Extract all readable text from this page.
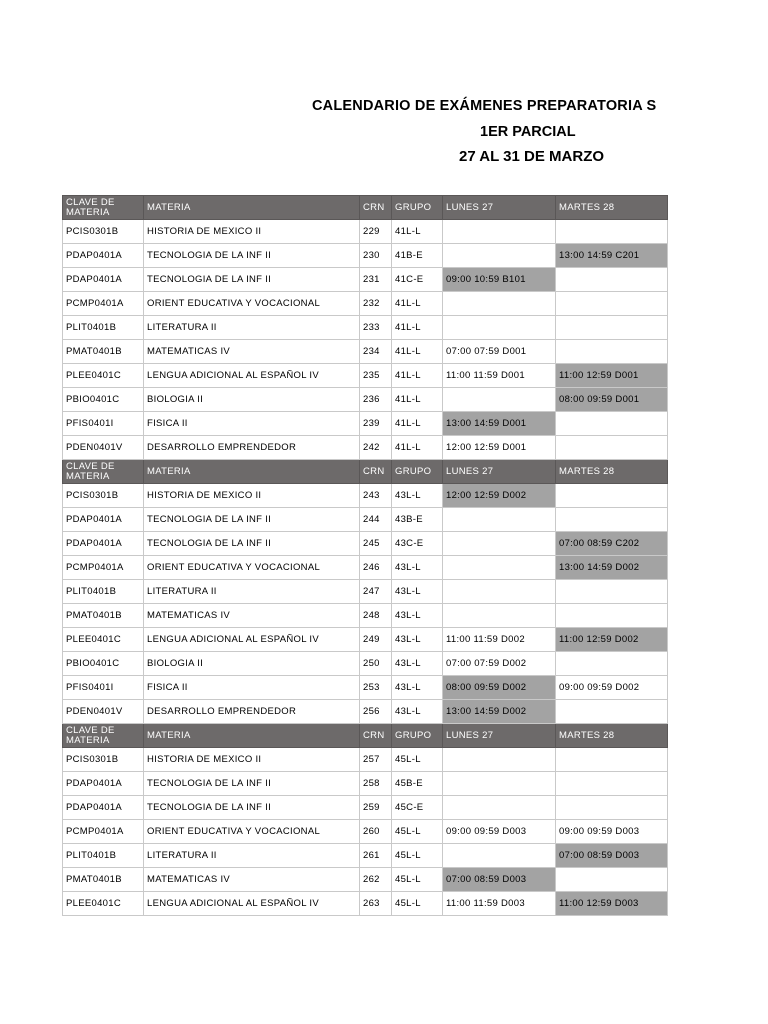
CALENDARIO DE EXÁMENES PREPARATORIA S
1ER PARCIAL
27 AL 31 DE MARZO
CLAVE DE MATERIA	MATERIA	CRN	GRUPO	LUNES 27	MARTES 28
PCIS0301B	HISTORIA DE MEXICO II	229	41L-L		
PDAP0401A	TECNOLOGIA DE LA INF II	230	41B-E		13:00 14:59 C201
PDAP0401A	TECNOLOGIA DE LA INF II	231	41C-E	09:00 10:59 B101	
PCMP0401A	ORIENT EDUCATIVA Y VOCACIONAL	232	41L-L		
PLIT0401B	LITERATURA II	233	41L-L		
PMAT0401B	MATEMATICAS IV	234	41L-L	07:00 07:59 D001	
PLEE0401C	LENGUA ADICIONAL AL ESPAÑOL IV	235	41L-L	11:00 11:59 D001	11:00 12:59 D001
PBIO0401C	BIOLOGIA II	236	41L-L		08:00 09:59 D001
PFIS0401I	FISICA II	239	41L-L	13:00 14:59 D001	
PDEN0401V	DESARROLLO EMPRENDEDOR	242	41L-L	12:00 12:59 D001	
CLAVE DE MATERIA	MATERIA	CRN	GRUPO	LUNES 27	MARTES 28
PCIS0301B	HISTORIA DE MEXICO II	243	43L-L	12:00 12:59 D002	
PDAP0401A	TECNOLOGIA DE LA INF II	244	43B-E		
PDAP0401A	TECNOLOGIA DE LA INF II	245	43C-E		07:00 08:59 C202
PCMP0401A	ORIENT EDUCATIVA Y VOCACIONAL	246	43L-L		13:00 14:59 D002
PLIT0401B	LITERATURA II	247	43L-L		
PMAT0401B	MATEMATICAS IV	248	43L-L		
PLEE0401C	LENGUA ADICIONAL AL ESPAÑOL IV	249	43L-L	11:00 11:59 D002	11:00 12:59 D002
PBIO0401C	BIOLOGIA II	250	43L-L	07:00 07:59 D002	
PFIS0401I	FISICA II	253	43L-L	08:00 09:59 D002	09:00 09:59 D002
PDEN0401V	DESARROLLO EMPRENDEDOR	256	43L-L	13:00 14:59 D002	
CLAVE DE MATERIA	MATERIA	CRN	GRUPO	LUNES 27	MARTES 28
PCIS0301B	HISTORIA DE MEXICO II	257	45L-L		
PDAP0401A	TECNOLOGIA DE LA INF II	258	45B-E		
PDAP0401A	TECNOLOGIA DE LA INF II	259	45C-E		
PCMP0401A	ORIENT EDUCATIVA Y VOCACIONAL	260	45L-L	09:00 09:59 D003	09:00 09:59 D003
PLIT0401B	LITERATURA II	261	45L-L		07:00 08:59 D003
PMAT0401B	MATEMATICAS IV	262	45L-L	07:00 08:59 D003	
PLEE0401C	LENGUA ADICIONAL AL ESPAÑOL IV	263	45L-L	11:00 11:59 D003	11:00 12:59 D003
